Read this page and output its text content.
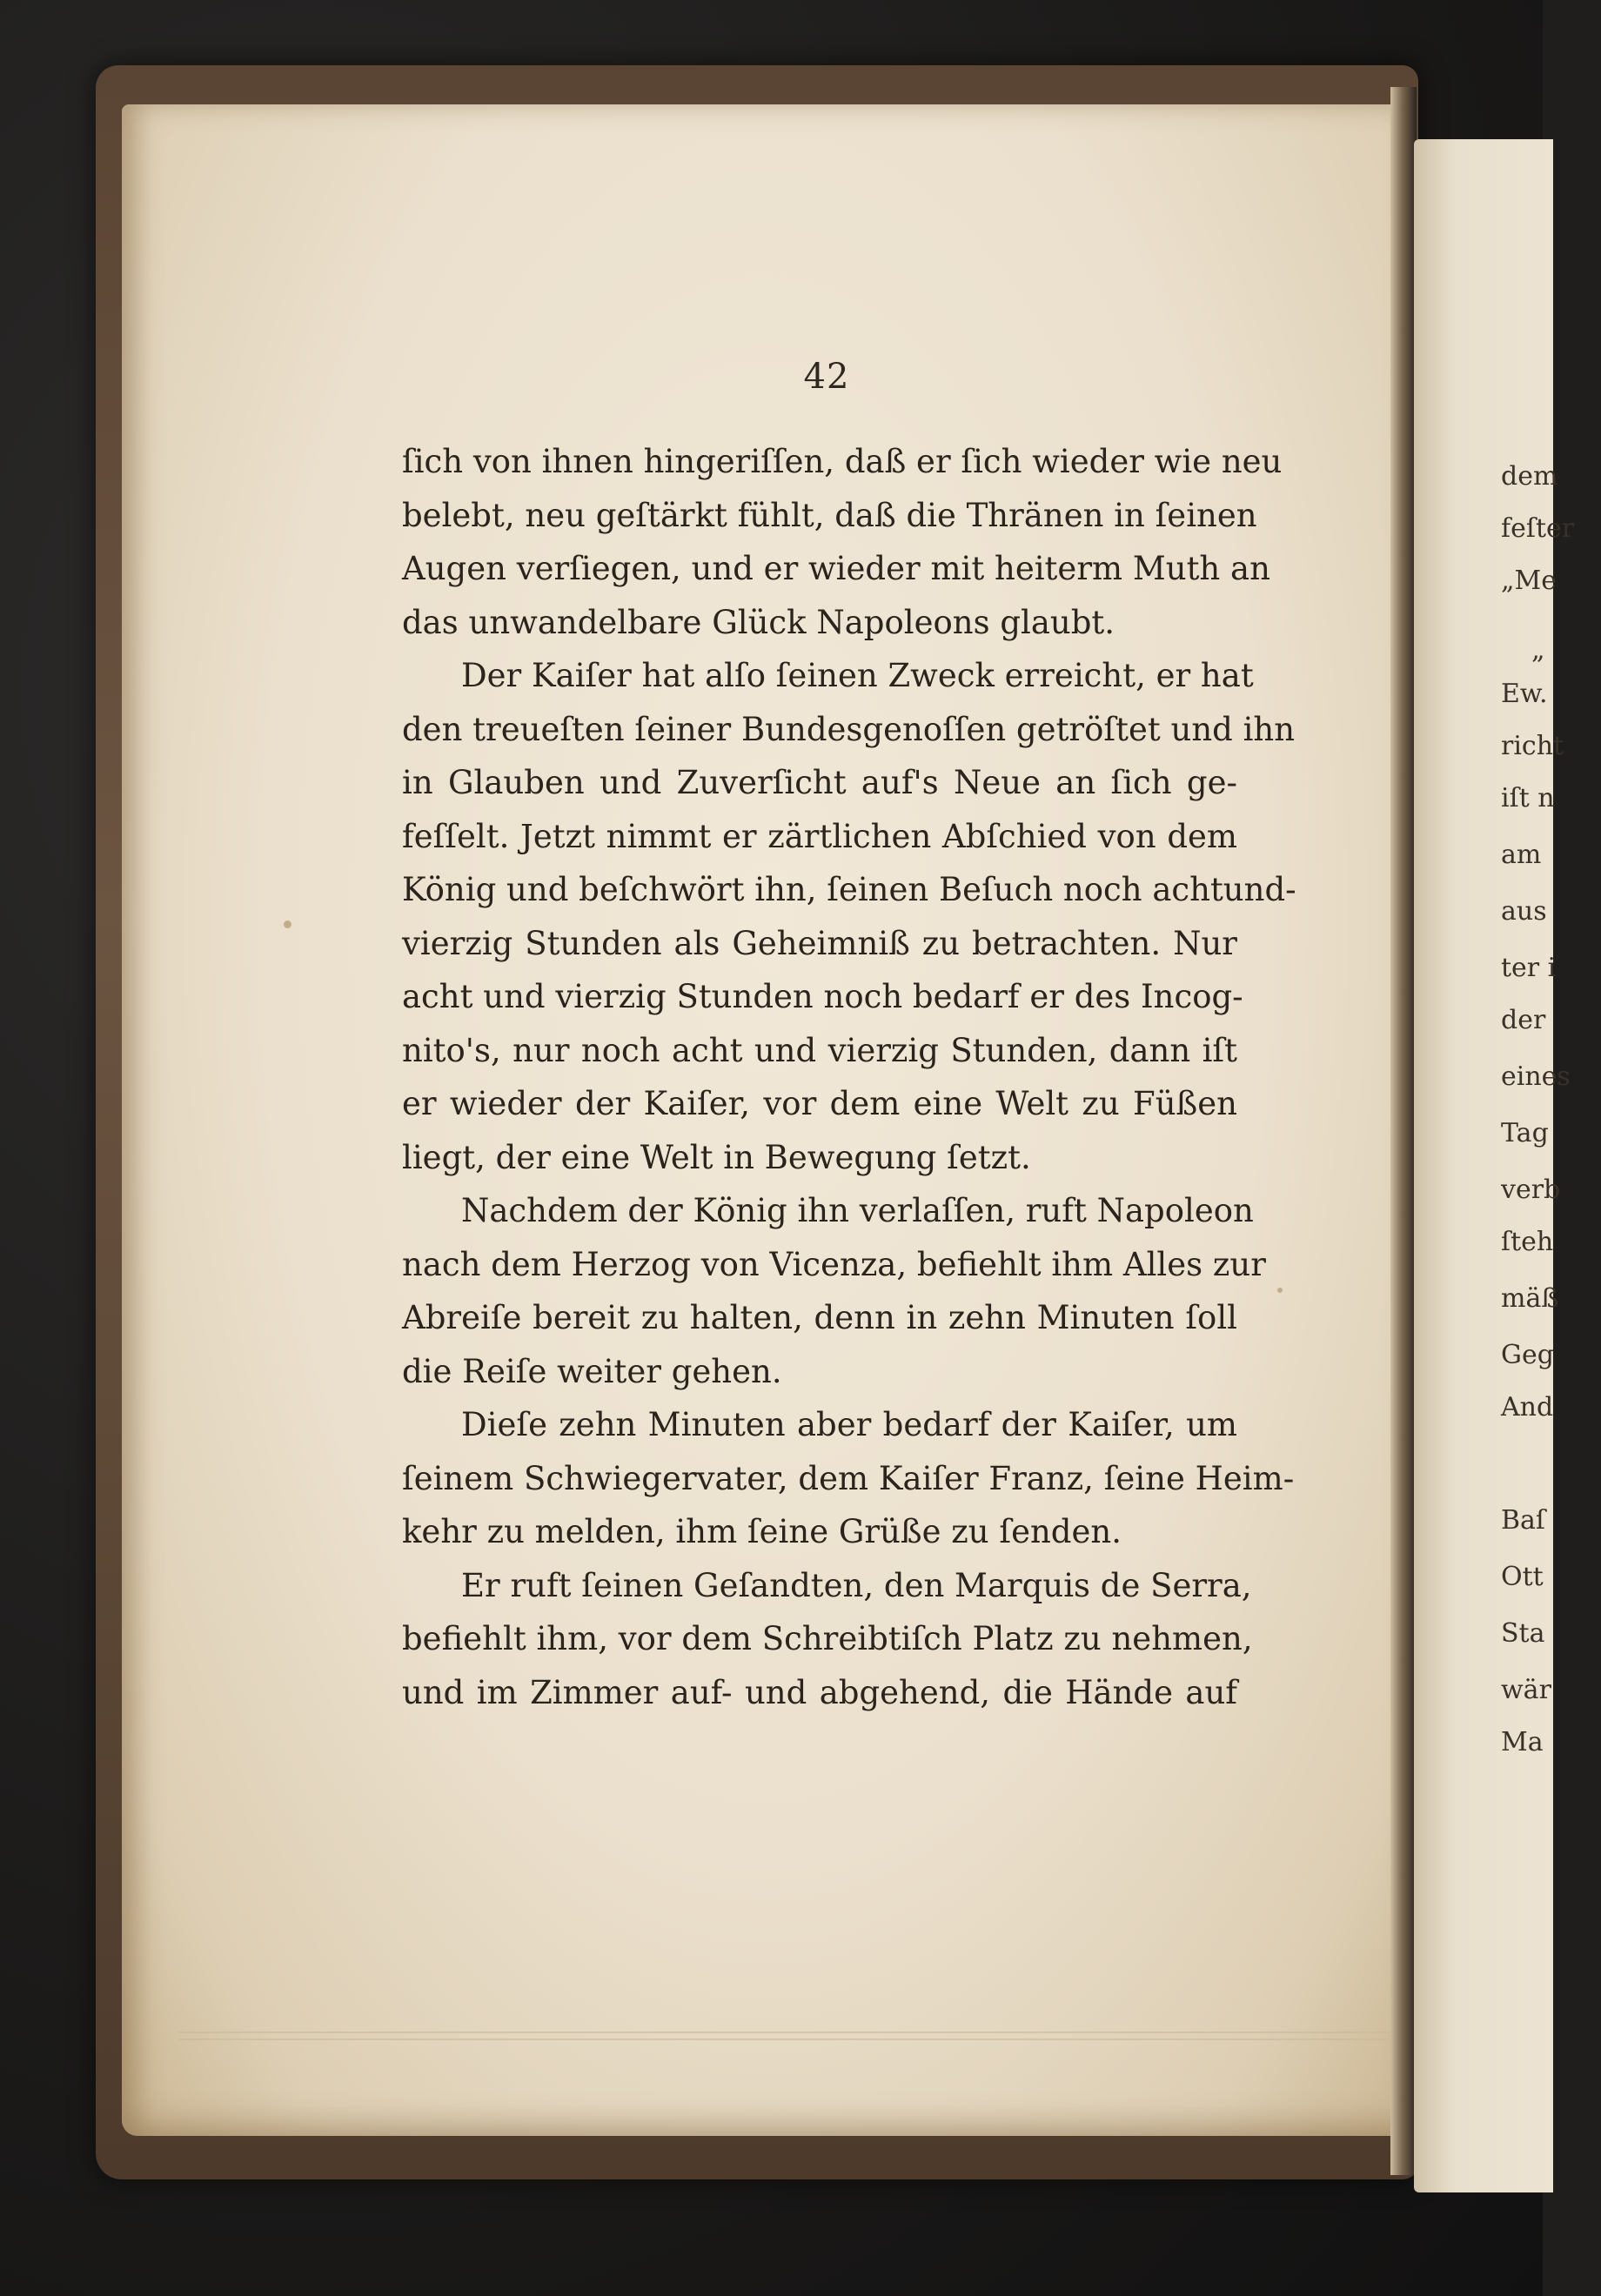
42
ſich von ihnen hingeriſſen, daß er ſich wieder wie neu
belebt, neu geſtärkt fühlt, daß die Thränen in ſeinen
Augen verſiegen, und er wieder mit heiterm Muth an
das unwandelbare Glück Napoleons glaubt.
Der Kaiſer hat alſo ſeinen Zweck erreicht, er hat
den treueſten ſeiner Bundesgenoſſen getröſtet und ihn
in Glauben und Zuverſicht auf's Neue an ſich ge-
feſſelt. Jetzt nimmt er zärtlichen Abſchied von dem
König und beſchwört ihn, ſeinen Beſuch noch achtund-
vierzig Stunden als Geheimniß zu betrachten. Nur
acht und vierzig Stunden noch bedarf er des Incog-
nito's, nur noch acht und vierzig Stunden, dann iſt
er wieder der Kaiſer, vor dem eine Welt zu Füßen
liegt, der eine Welt in Bewegung ſetzt.
Nachdem der König ihn verlaſſen, ruft Napoleon
nach dem Herzog von Vicenza, befiehlt ihm Alles zur
Abreiſe bereit zu halten, denn in zehn Minuten ſoll
die Reiſe weiter gehen.
Dieſe zehn Minuten aber bedarf der Kaiſer, um
ſeinem Schwiegervater, dem Kaiſer Franz, ſeine Heim-
kehr zu melden, ihm ſeine Grüße zu ſenden.
Er ruft ſeinen Geſandten, den Marquis de Serra,
befiehlt ihm, vor dem Schreibtiſch Platz zu nehmen,
und im Zimmer auf- und abgehend, die Hände auf
dem
feſter
„Me
„
Ew.
richt
iſt n
am
aus
ter i
der
eines
Tag
verb
ſteh
mäß
Geg
And
Baſ
Ott
Sta
wär
Ma
